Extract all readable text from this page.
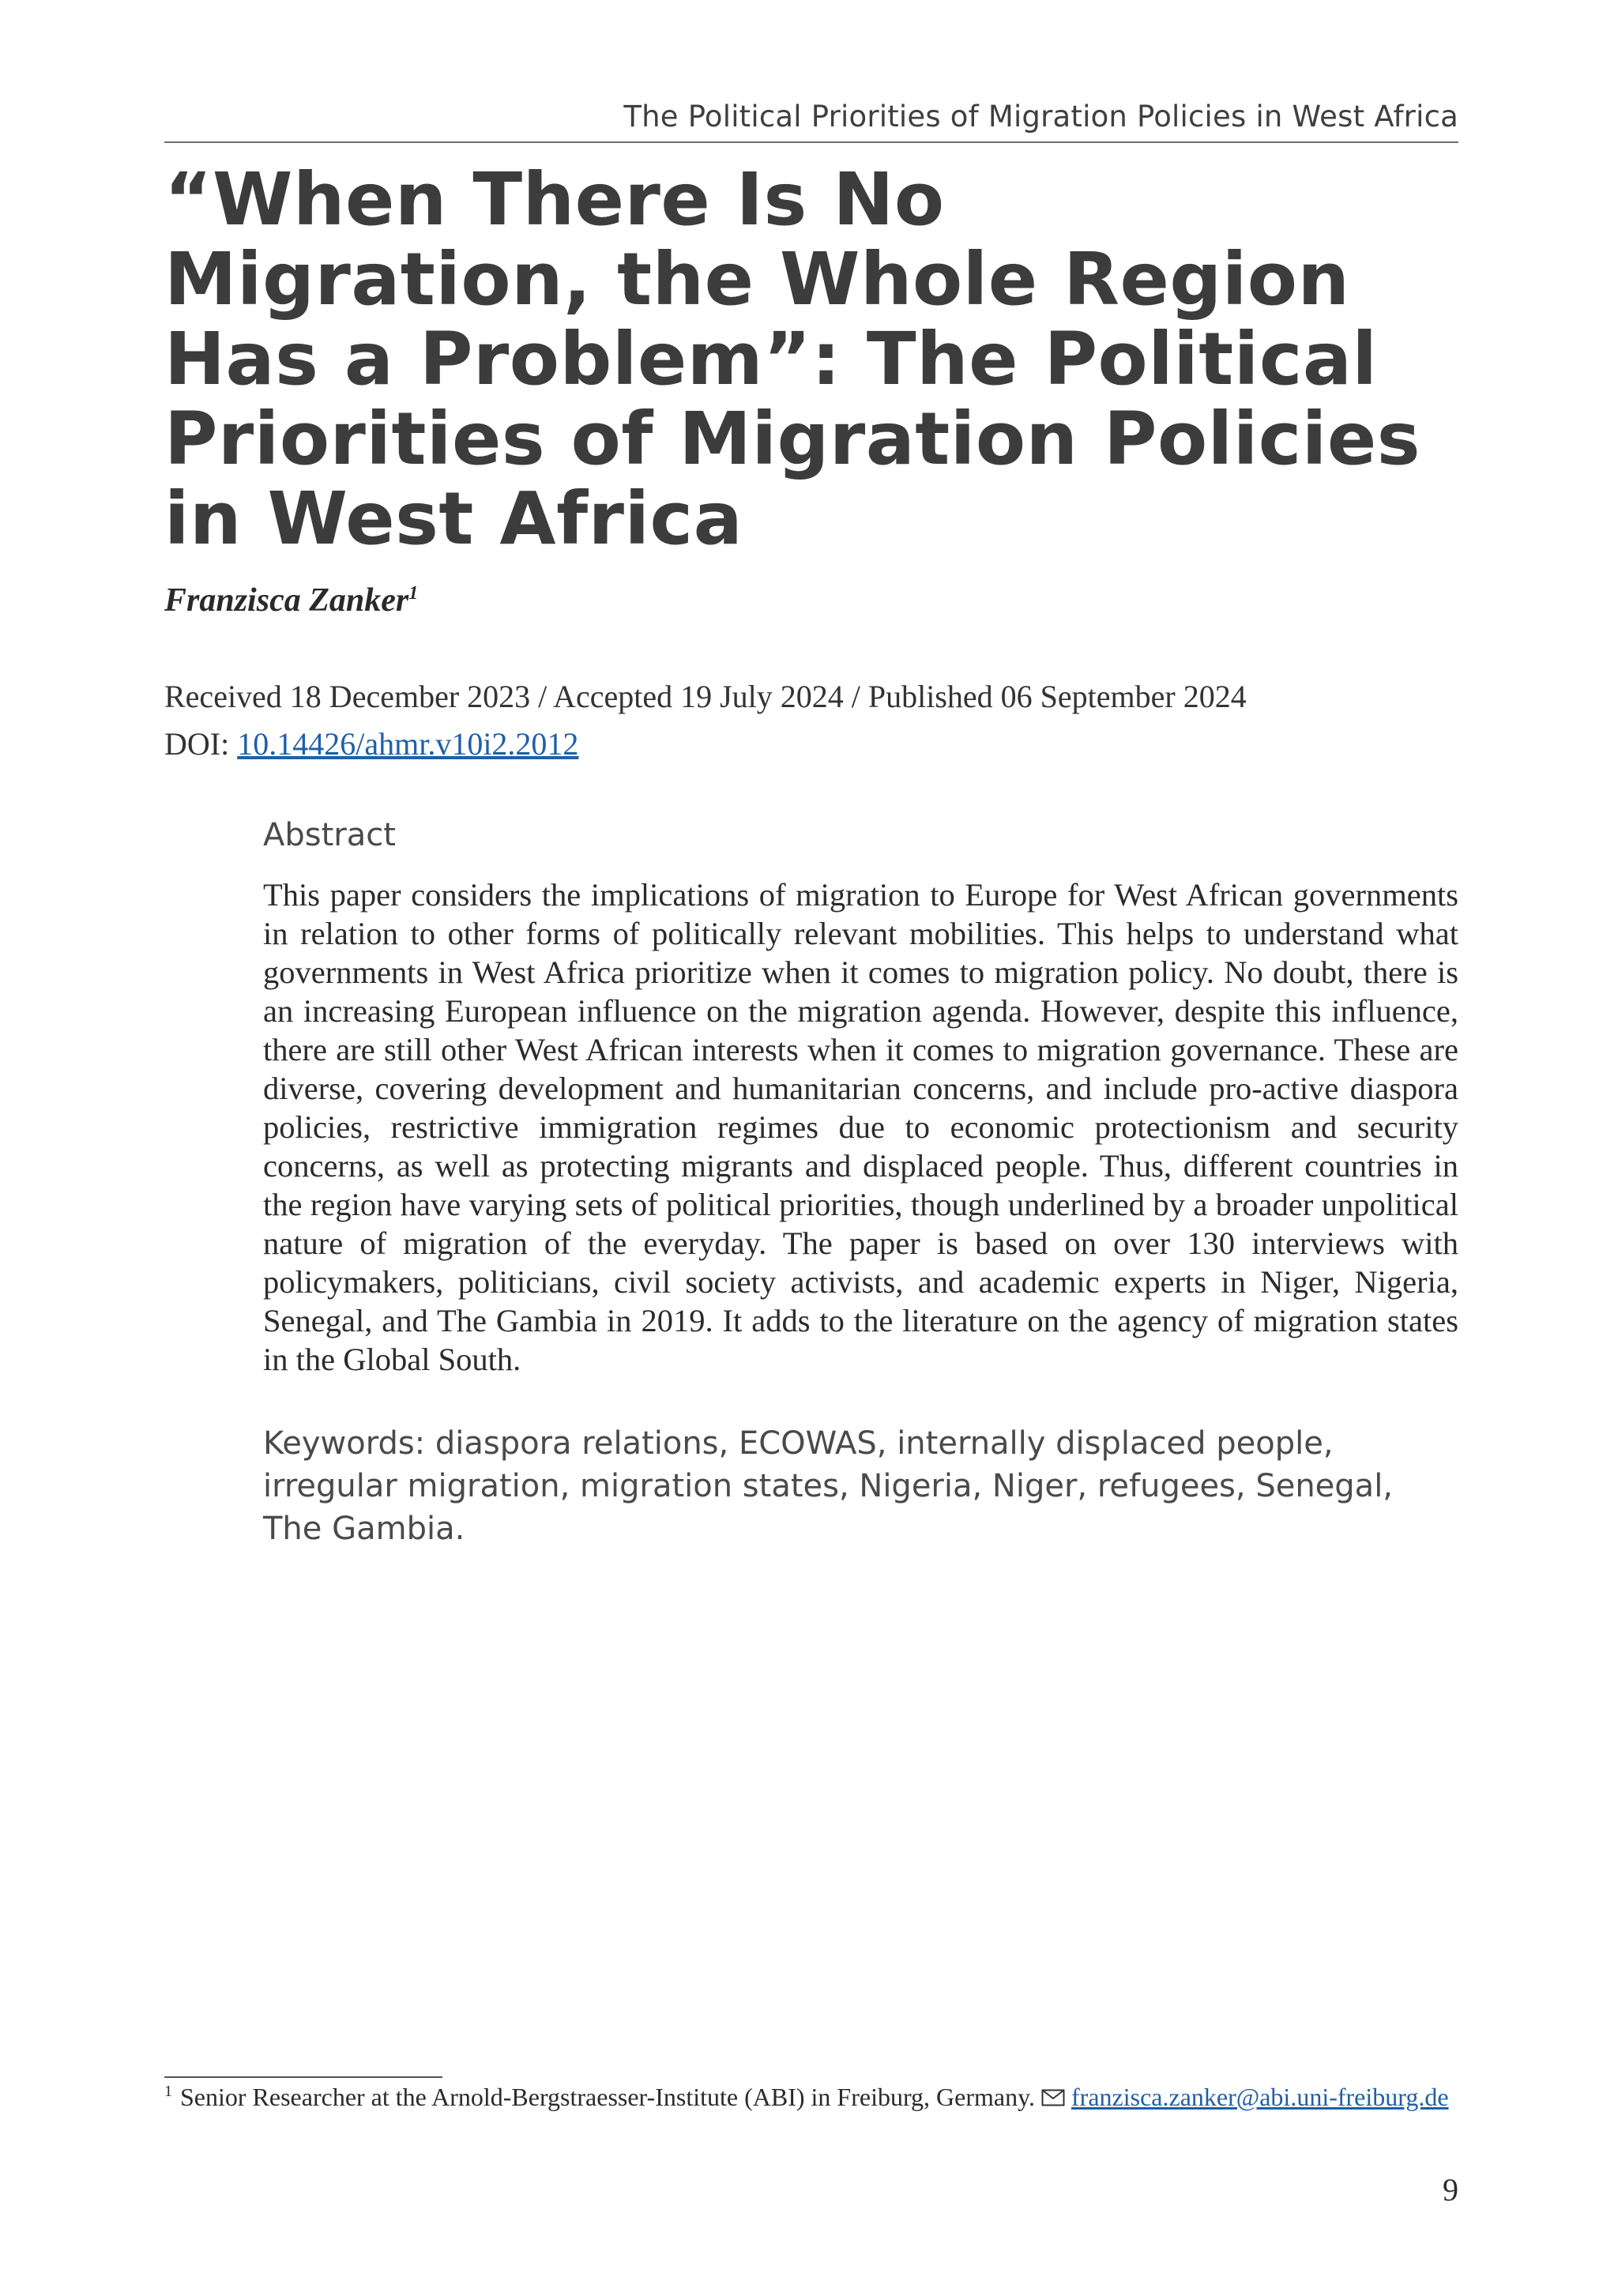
The Political Priorities of Migration Policies in West Africa
“When There Is No
Migration, the Whole Region
Has a Problem”: The Political
Priorities of Migration Policies
in West Africa
Franzisca Zanker$^1$
Received 18 December 2023 / Accepted 19 July 2024 / Published 06 September 2024
DOI: 10.14426/ahmr.v10i2.2012
Abstract

This paper considers the implications of migration to Europe for West African governments in relation to other forms of politically relevant mobilities. This helps to understand what governments in West Africa prioritize when it comes to migration policy. No doubt, there is an increasing European influence on the migration agenda. However, despite this influence, there are still other West African interests when it comes to migration governance. These are diverse, covering development and humanitarian concerns, and include pro-active diaspora policies, restrictive immigration regimes due to economic protectionism and security concerns, as well as protecting migrants and displaced people. Thus, different countries in the region have varying sets of political priorities, though underlined by a broader unpolitical nature of migration of the everyday. The paper is based on over 130 interviews with policymakers, politicians, civil society activists, and academic experts in Niger, Nigeria, Senegal, and The Gambia in 2019. It adds to the literature on the agency of migration states in the Global South.

Keywords: diaspora relations, ECOWAS, internally displaced people, irregular migration, migration states, Nigeria, Niger, refugees, Senegal, The Gambia.

$^1$ Senior Researcher at the Arnold-Bergstraesser-Institute (ABI) in Freiburg, Germany. franzisca.zanker@abi.uni-freiburg.de

9
